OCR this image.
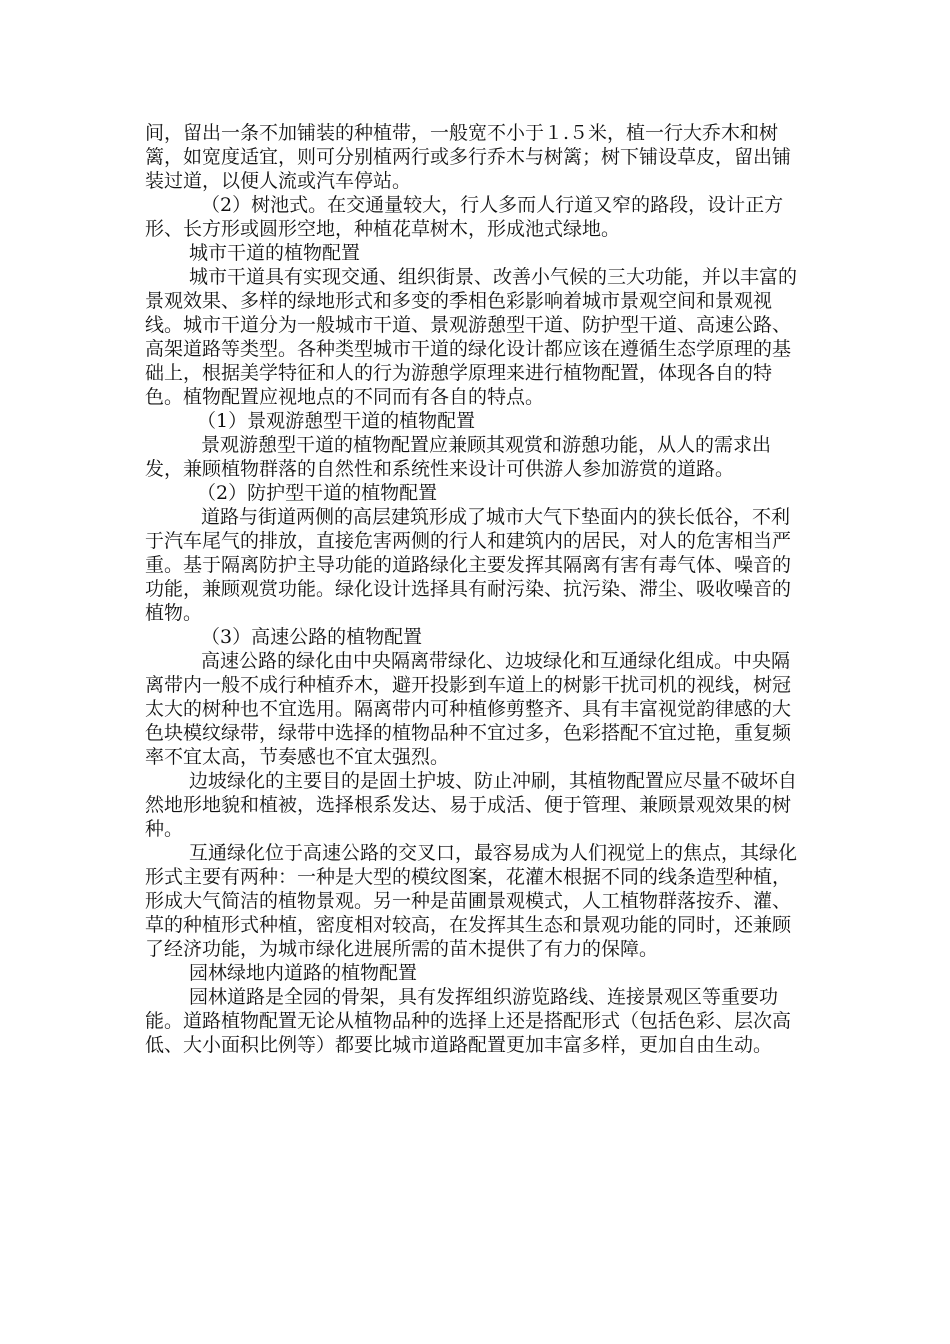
间，留出一条不加铺装的种植带，一般宽不小于１.５米，植一行大乔木和树篱，如宽度适宜，则可分别植两行或多行乔木与树篱；树下铺设草皮，留出铺装过道，以便人流或汽车停站。

（2）树池式。在交通量较大，行人多而人行道又窄的路段，设计正方形、长方形或圆形空地，种植花草树木，形成池式绿地。

城市干道的植物配置

城市干道具有实现交通、组织街景、改善小气候的三大功能，并以丰富的景观效果、多样的绿地形式和多变的季相色彩影响着城市景观空间和景观视线。城市干道分为一般城市干道、景观游憩型干道、防护型干道、高速公路、高架道路等类型。各种类型城市干道的绿化设计都应该在遵循生态学原理的基础上，根据美学特征和人的行为游憩学原理来进行植物配置，体现各自的特色。植物配置应视地点的不同而有各自的特点。

（1）景观游憩型干道的植物配置

景观游憩型干道的植物配置应兼顾其观赏和游憩功能，从人的需求出发，兼顾植物群落的自然性和系统性来设计可供游人参加游赏的道路。

（2）防护型干道的植物配置

道路与街道两侧的高层建筑形成了城市大气下垫面内的狭长低谷，不利于汽车尾气的排放，直接危害两侧的行人和建筑内的居民，对人的危害相当严重。基于隔离防护主导功能的道路绿化主要发挥其隔离有害有毒气体、噪音的功能，兼顾观赏功能。绿化设计选择具有耐污染、抗污染、滞尘、吸收噪音的植物。

（3）高速公路的植物配置

高速公路的绿化由中央隔离带绿化、边坡绿化和互通绿化组成。中央隔离带内一般不成行种植乔木，避开投影到车道上的树影干扰司机的视线，树冠太大的树种也不宜选用。隔离带内可种植修剪整齐、具有丰富视觉韵律感的大色块模纹绿带，绿带中选择的植物品种不宜过多，色彩搭配不宜过艳，重复频率不宜太高，节奏感也不宜太强烈。

边坡绿化的主要目的是固土护坡、防止冲刷，其植物配置应尽量不破坏自然地形地貌和植被，选择根系发达、易于成活、便于管理、兼顾景观效果的树种。

互通绿化位于高速公路的交叉口，最容易成为人们视觉上的焦点，其绿化形式主要有两种：一种是大型的模纹图案，花灌木根据不同的线条造型种植，形成大气简洁的植物景观。另一种是苗圃景观模式，人工植物群落按乔、灌、草的种植形式种植，密度相对较高，在发挥其生态和景观功能的同时，还兼顾了经济功能，为城市绿化进展所需的苗木提供了有力的保障。

园林绿地内道路的植物配置

园林道路是全园的骨架，具有发挥组织游览路线、连接景观区等重要功能。道路植物配置无论从植物品种的选择上还是搭配形式（包括色彩、层次高低、大小面积比例等）都要比城市道路配置更加丰富多样，更加自由生动。
